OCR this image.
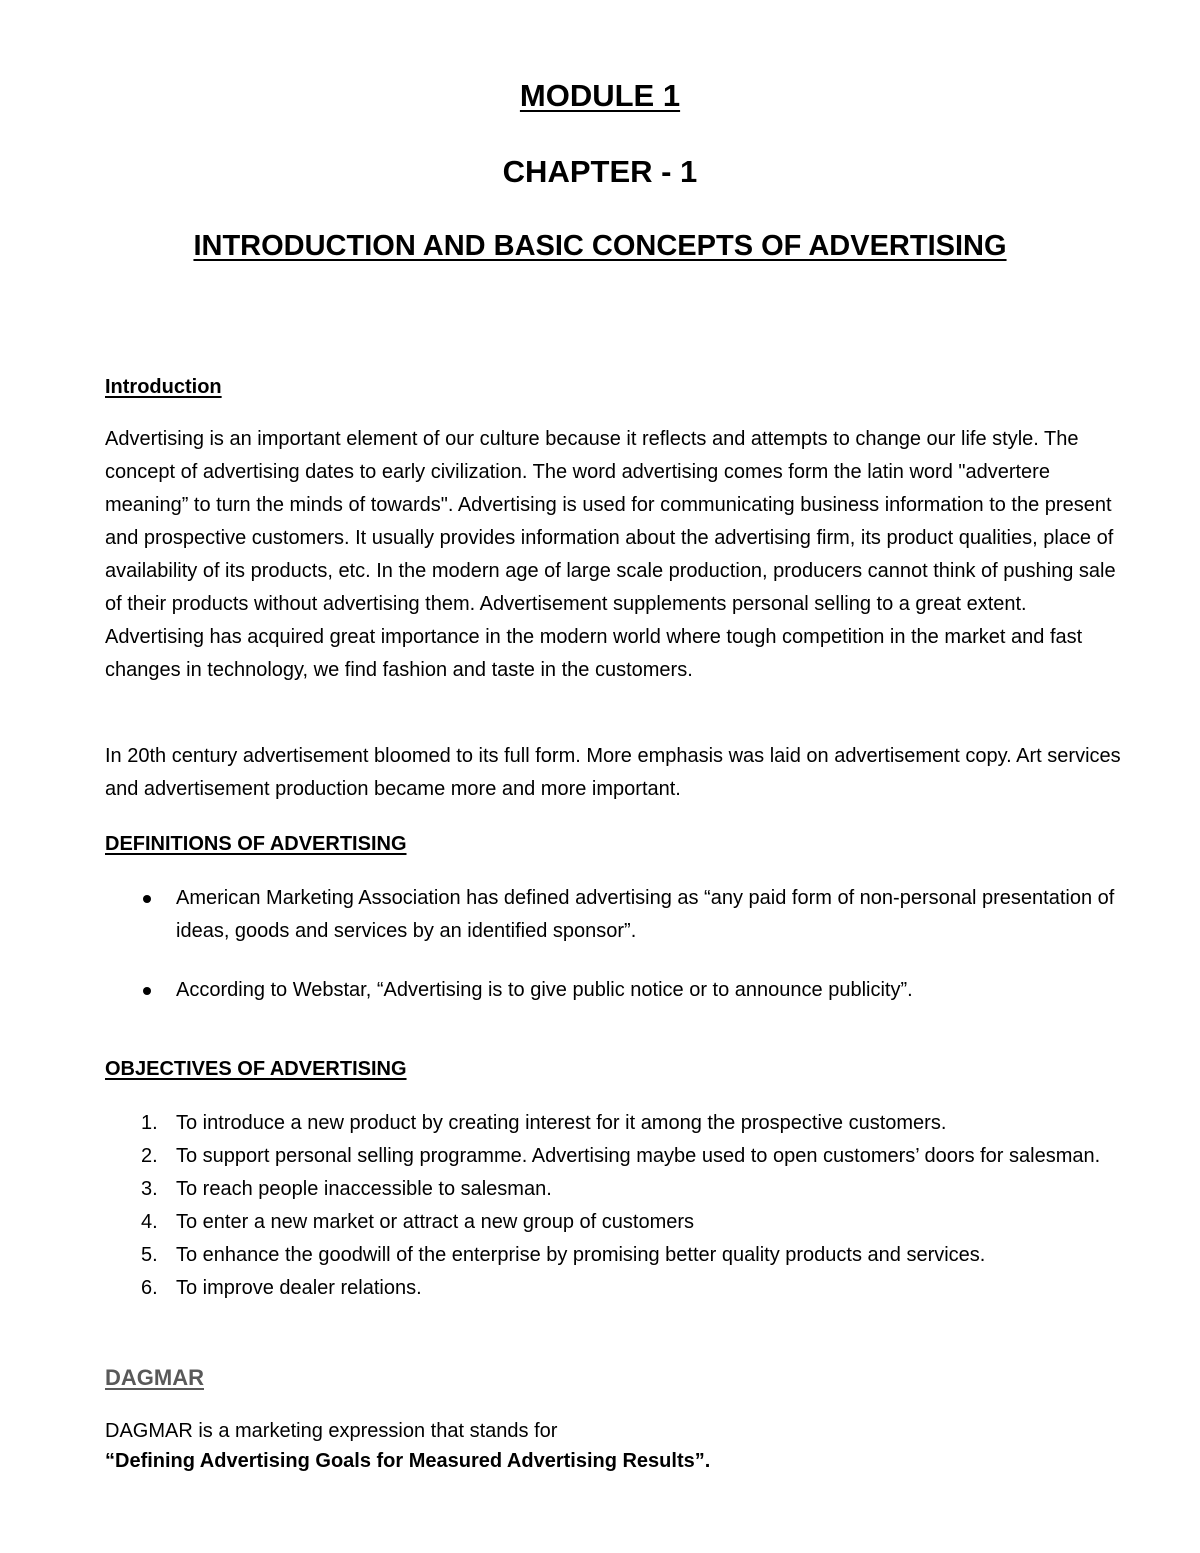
MODULE 1
CHAPTER - 1
INTRODUCTION AND BASIC CONCEPTS OF ADVERTISING
Introduction

Advertising is an important element of our culture because it reflects and attempts to change our life style. The concept of advertising dates to early civilization. The word advertising comes form the latin word "advertere meaning” to turn the minds of towards". Advertising is used for communicating business information to the present and prospective customers. It usually provides information about the advertising firm, its product qualities, place of availability of its products, etc. In the modern age of large scale production, producers cannot think of pushing sale of their products without advertising them. Advertisement supplements personal selling to a great extent. Advertising has acquired great importance in the modern world where tough competition in the market and fast changes in technology, we find fashion and taste in the customers.

In 20th century advertisement bloomed to its full form. More emphasis was laid on advertisement copy. Art services and advertisement production became more and more important.

DEFINITIONS OF ADVERTISING
American Marketing Association has defined advertising as “any paid form of non-personal presentation of ideas, goods and services by an identified sponsor”.
According to Webstar, “Advertising is to give public notice or to announce publicity”.
OBJECTIVES OF ADVERTISING
1. To introduce a new product by creating interest for it among the prospective customers.
2. To support personal selling programme. Advertising maybe used to open customers’ doors for salesman.
3. To reach people inaccessible to salesman.
4. To enter a new market or attract a new group of customers
5. To enhance the goodwill of the enterprise by promising better quality products and services.
6. To improve dealer relations.
DAGMAR
DAGMAR is a marketing expression that stands for
“Defining Advertising Goals for Measured Advertising Results”.
